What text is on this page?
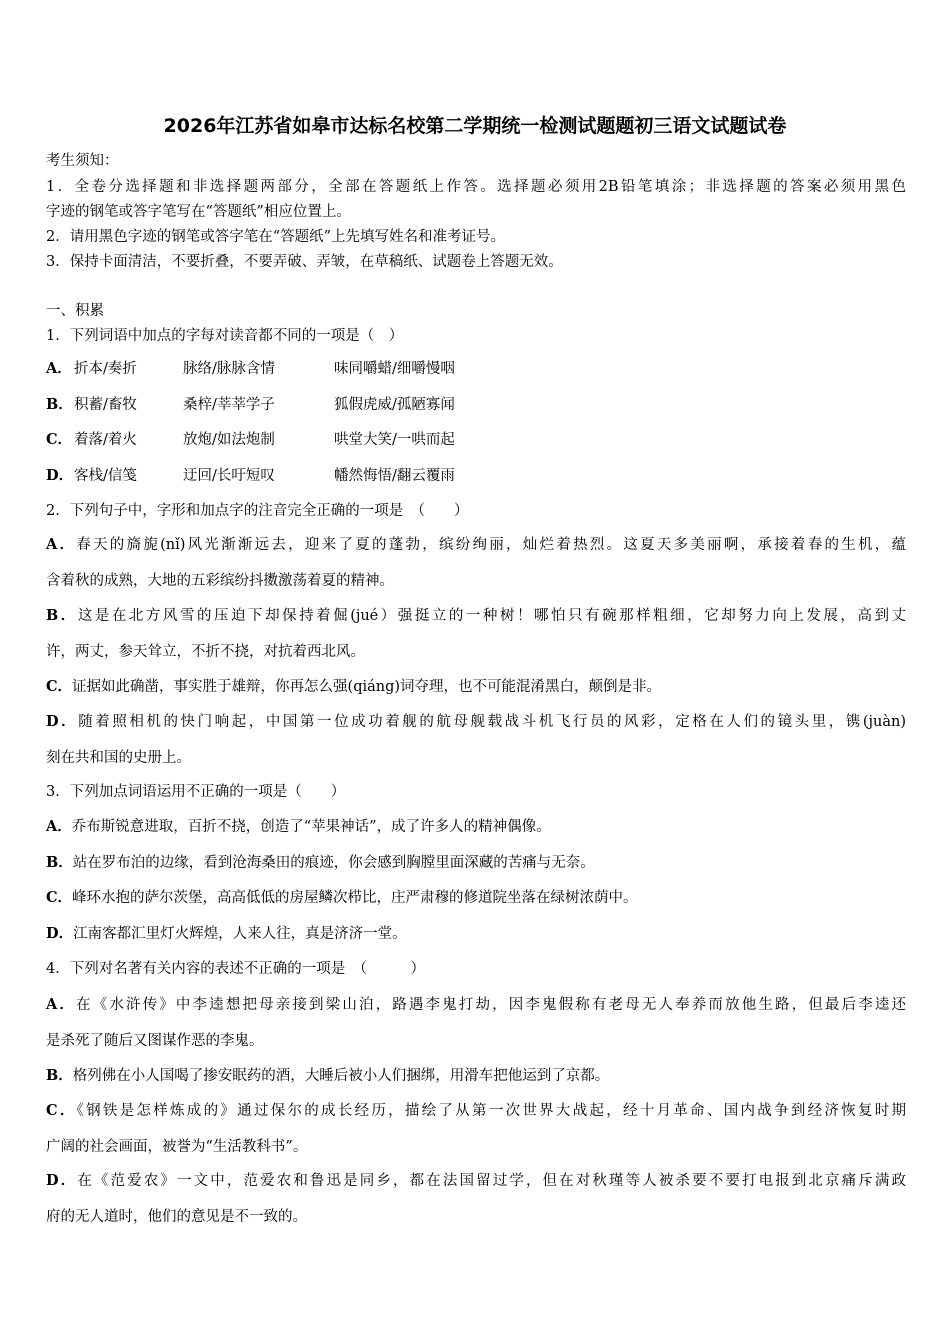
2026年江苏省如皋市达标名校第二学期统一检测试题题初三语文试题试卷
考生须知：
1．全卷分选择题和非选择题两部分，全部在答题纸上作答。选择题必须用2B铅笔填涂；非选择题的答案必须用黑色
字迹的钢笔或答字笔写在“答题纸”相应位置上。
2．请用黑色字迹的钢笔或答字笔在“答题纸”上先填写姓名和准考证号。
3．保持卡面清洁，不要折叠，不要弄破、弄皱，在草稿纸、试题卷上答题无效。
一、积累
1．下列词语中加点的字每对读音都不同的一项是（　）
A． 折本/奏折	脉络/脉脉含情	味同嚼蜡/细嚼慢咽
B． 积蓄/畜牧	桑梓/莘莘学子	狐假虎威/孤陋寡闻
C． 着落/着火	放炮/如法炮制	哄堂大笑/一哄而起
D． 客栈/信笺	迂回/长吁短叹	幡然悔悟/翻云覆雨
2．下列句子中，字形和加点字的注音完全正确的一项是　（　　）
A．春天的旖旎(nǐ)风光渐渐远去，迎来了夏的蓬勃，缤纷绚丽，灿烂着热烈。这夏天多美丽啊，承接着春的生机，蕴
含着秋的成熟，大地的五彩缤纷抖擞激荡着夏的精神。
B．这是在北方风雪的压迫下却保持着倔(jué）强挺立的一种树！哪怕只有碗那样粗细，它却努力向上发展，高到丈
许，两丈，参天耸立，不折不挠，对抗着西北风。
C．证据如此确凿，事实胜于雄辩，你再怎么强(qiáng)词夺理，也不可能混淆黑白，颠倒是非。
D．随着照相机的快门响起，中国第一位成功着舰的航母舰载战斗机飞行员的风彩，定格在人们的镜头里，镌(juàn)
刻在共和国的史册上。
3．下列加点词语运用不正确的一项是（　　）
A．乔布斯锐意进取，百折不挠，创造了“苹果神话”，成了许多人的精神偶像。
B．站在罗布泊的边缘，看到沧海桑田的痕迹，你会感到胸膛里面深藏的苦痛与无奈。
C．峰环水抱的萨尔茨堡，高高低低的房屋鳞次栉比，庄严肃穆的修道院坐落在绿树浓荫中。
D．江南客都汇里灯火辉煌，人来人往，真是济济一堂。
4．下列对名著有关内容的表述不正确的一项是　（　　　）
A．在《水浒传》中李逵想把母亲接到梁山泊，路遇李鬼打劫，因李鬼假称有老母无人奉养而放他生路，但最后李逵还
是杀死了随后又图谋作恶的李鬼。
B．格列佛在小人国喝了掺安眠药的酒，大睡后被小人们捆绑，用滑车把他运到了京都。
C．《钢铁是怎样炼成的》通过保尔的成长经历，描绘了从第一次世界大战起，经十月革命、国内战争到经济恢复时期
广阔的社会画面，被誉为“生活教科书”。
D．在《范爱农》一文中，范爱农和鲁迅是同乡，都在法国留过学，但在对秋瑾等人被杀要不要打电报到北京痛斥满政
府的无人道时，他们的意见是不一致的。
